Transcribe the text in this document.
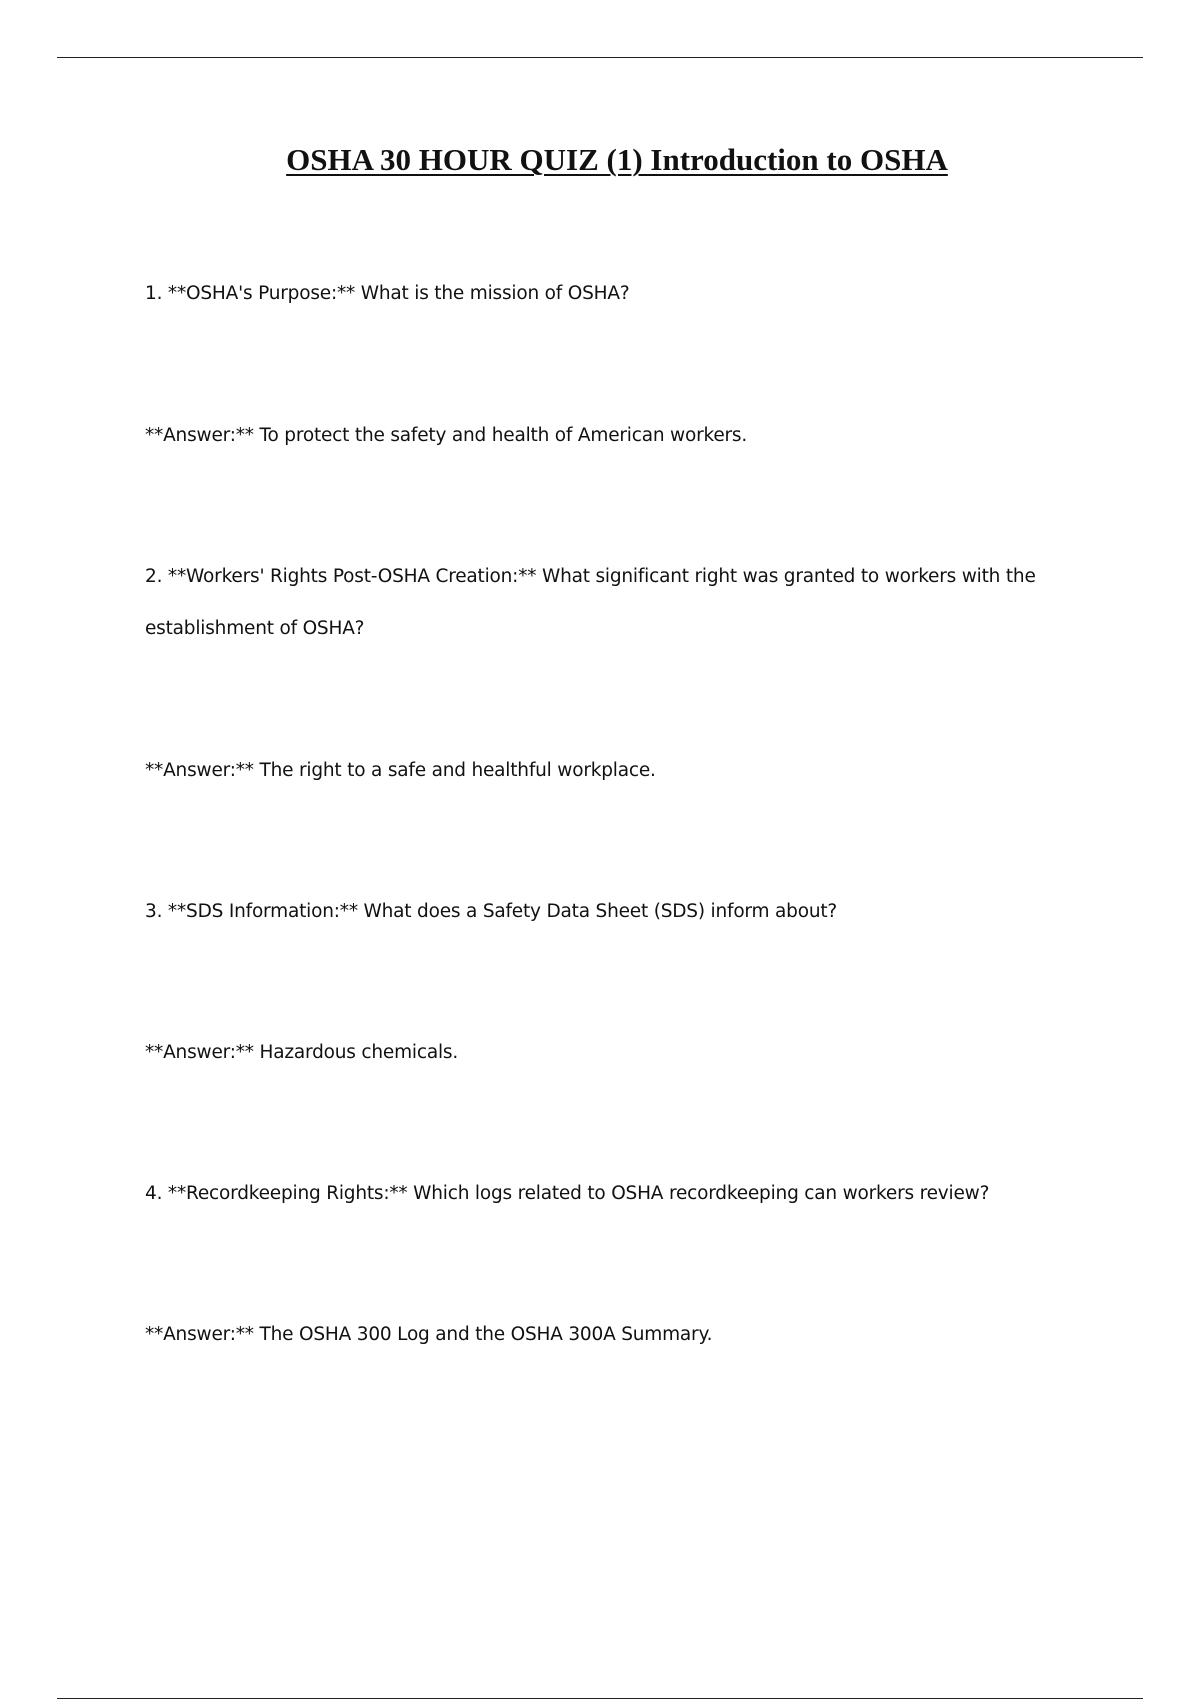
OSHA 30 HOUR QUIZ (1) Introduction to OSHA

1. **OSHA's Purpose:** What is the mission of OSHA?

**Answer:** To protect the safety and health of American workers.

2. **Workers' Rights Post-OSHA Creation:** What significant right was granted to workers with the

establishment of OSHA?

**Answer:** The right to a safe and healthful workplace.

3. **SDS Information:** What does a Safety Data Sheet (SDS) inform about?

**Answer:** Hazardous chemicals.

4. **Recordkeeping Rights:** Which logs related to OSHA recordkeeping can workers review?

**Answer:** The OSHA 300 Log and the OSHA 300A Summary.
